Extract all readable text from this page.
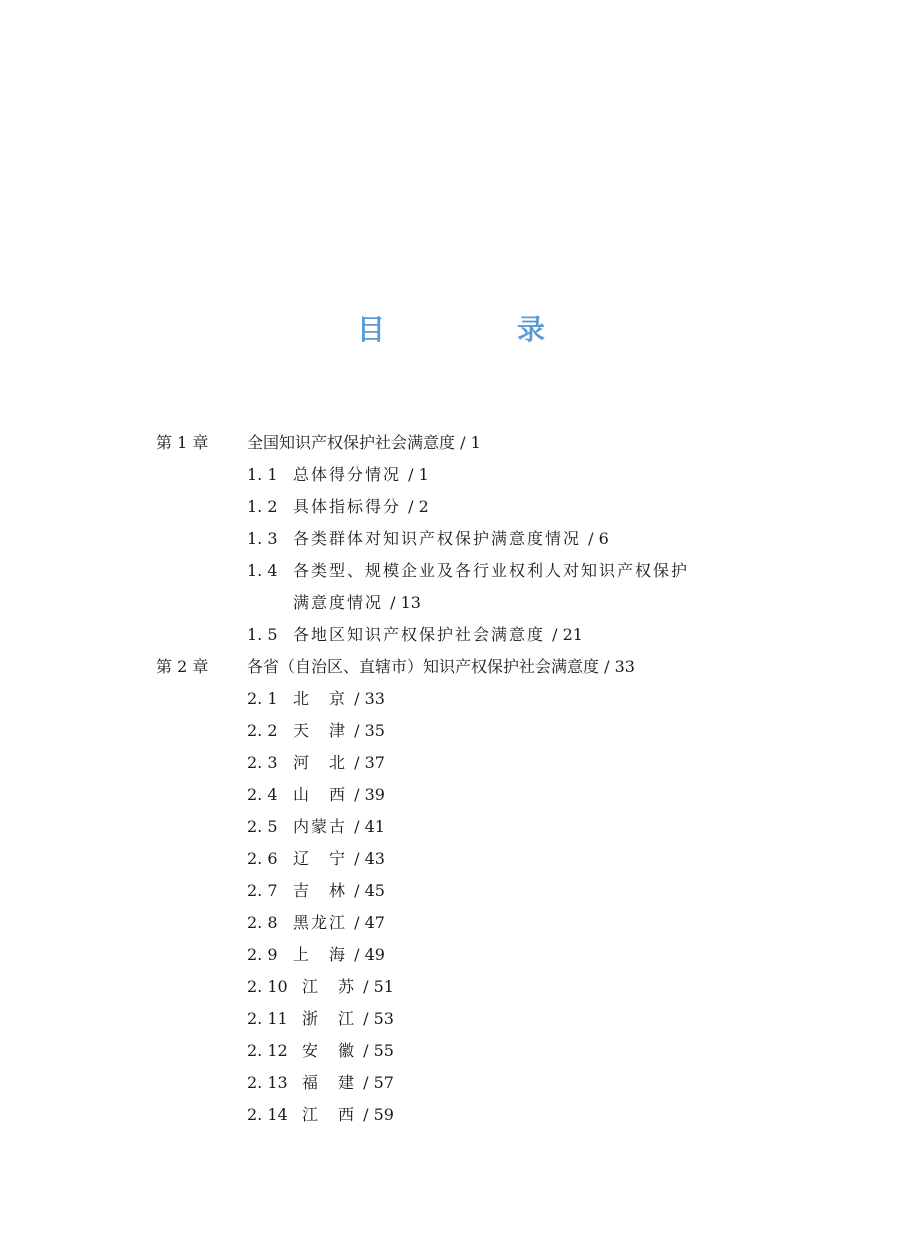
目　录
第 1 章 全国知识产权保护社会满意度 / 1
1. 1 总体得分情况 / 1
1. 2 具体指标得分 / 2
1. 3 各类群体对知识产权保护满意度情况 / 6
1. 4 各类型、规模企业及各行业权利人对知识产权保护
满意度情况 / 13
1. 5 各地区知识产权保护社会满意度 / 21
第 2 章 各省（自治区、直辖市）知识产权保护社会满意度 / 33
2. 1 北　京 / 33
2. 2 天　津 / 35
2. 3 河　北 / 37
2. 4 山　西 / 39
2. 5 内蒙古 / 41
2. 6 辽　宁 / 43
2. 7 吉　林 / 45
2. 8 黑龙江 / 47
2. 9 上　海 / 49
2. 10 江　苏 / 51
2. 11 浙　江 / 53
2. 12 安　徽 / 55
2. 13 福　建 / 57
2. 14 江　西 / 59
